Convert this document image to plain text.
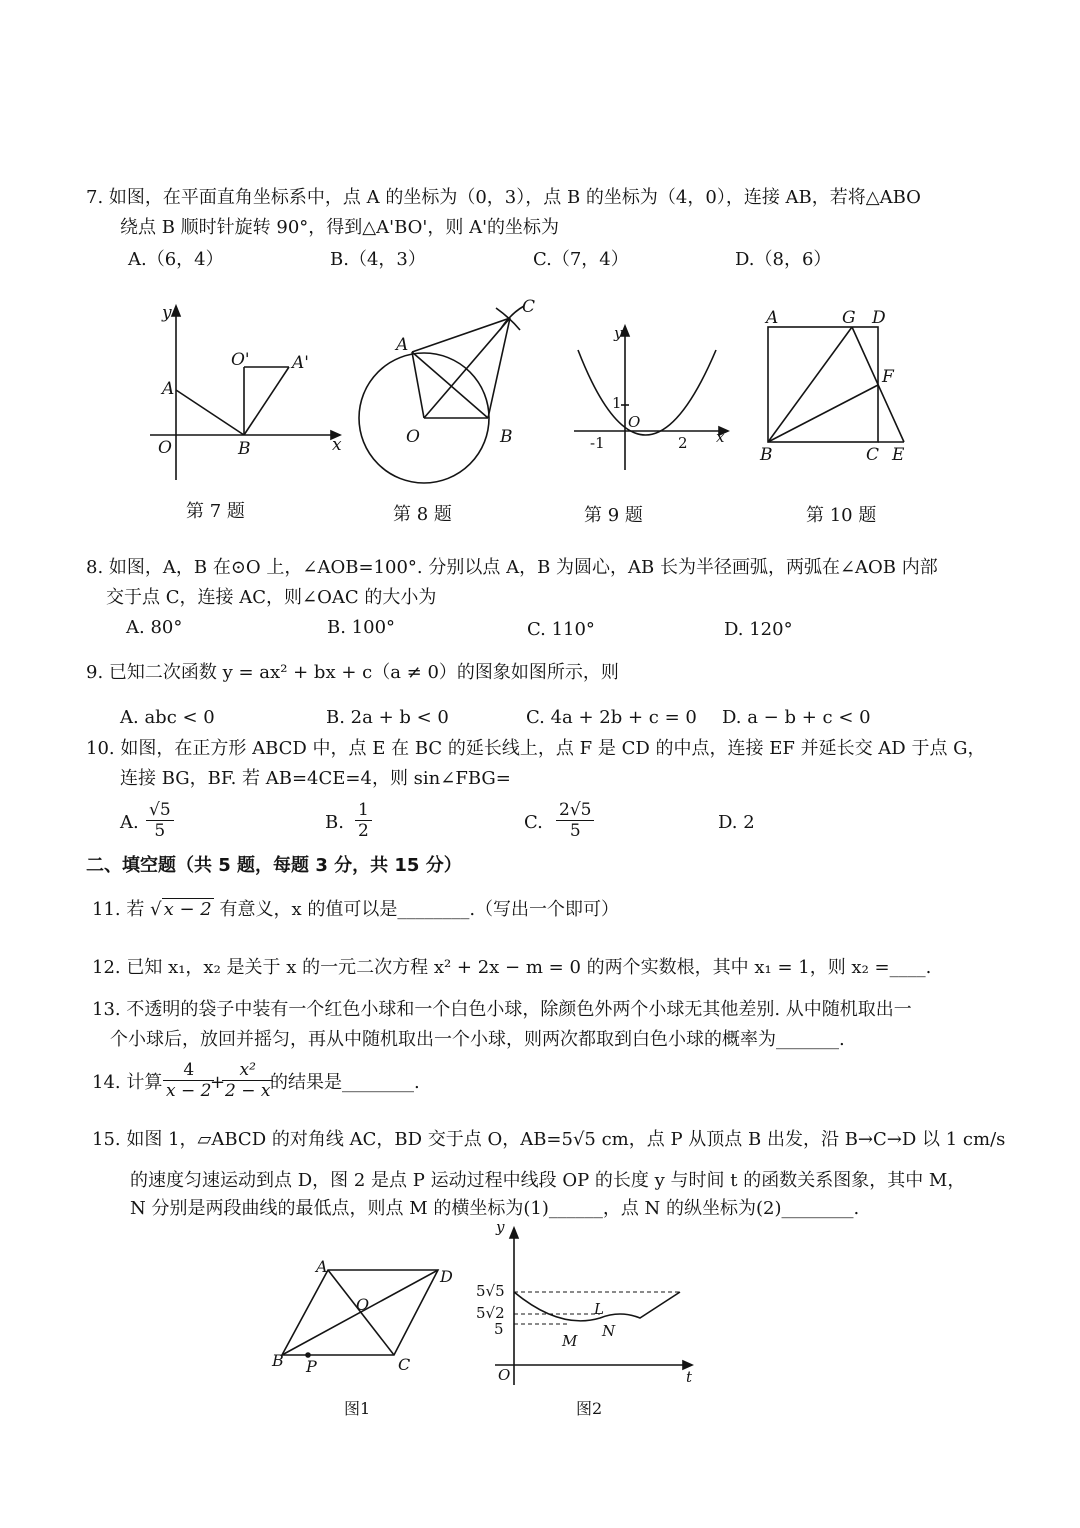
7. 如图，在平面直角坐标系中，点 A 的坐标为（0，3），点 B 的坐标为（4，0），连接 AB，若将△ABO
绕点 B 顺时针旋转 90°，得到△A'BO'，则 A'的坐标为
A.（6，4）	B.（4，3）	C.（7，4）	D.（8，6）
y
x
O
A
B
O' A'
A
C
O	B
y
x
O
1
-1	2
A	G D
F
B	C E
第 7 题	第 8 题	第 9 题	第 10 题
8. 如图，A，B 在⊙O 上，∠AOB=100°. 分别以点 A，B 为圆心，AB 长为半径画弧，两弧在∠AOB 内部
交于点 C，连接 AC，则∠OAC 的大小为
A. 80°	B. 100°	C. 110°	D. 120°
9. 已知二次函数 y = ax² + bx + c（a ≠ 0）的图象如图所示，则
A. abc < 0	B. 2a + b < 0	C. 4a + 2b + c = 0 D. a − b + c < 0
10. 如图，在正方形 ABCD 中，点 E 在 BC 的延长线上，点 F 是 CD 的中点，连接 EF 并延长交 AD 于点 G，
连接 BG，BF. 若 AB=4CE=4，则 sin∠FBG=
A. $\frac{√5}{5}$	B. $\frac{1}{2}$	C. $\frac{2√5}{5}$	D. 2
二、填空题（共 5 题，每题 3 分，共 15 分）
11. 若 √ x − 2 有意义，x 的值可以是________.（写出一个即可）
12. 已知 x₁，x₂ 是关于 x 的一元二次方程 x² + 2x − m = 0 的两个实数根，其中 x₁ = 1，则 x₂ =____.
13. 不透明的袋子中装有一个红色小球和一个白色小球，除颜色外两个小球无其他差别. 从中随机取出一
个小球后，放回并摇匀，再从中随机取出一个小球，则两次都取到白色小球的概率为_______.
14. 计算 $\frac{4}{x - 2}$
+
$\frac{\text{x²}}{2 - x}$
的结果是________.
15. 如图 1，▱ABCD 的对角线 AC，BD 交于点 O，AB=5√5 cm，点 P 从顶点 B 出发，沿 B→C→D 以 1 cm/s
的速度匀速运动到点 D，图 2 是点 P 运动过程中线段 OP 的长度 y 与时间 t 的函数关系图象，其中 M，
N 分别是两段曲线的最低点，则点 M 的横坐标为(1)______，点 N 的纵坐标为(2)________.
A
D
O
B P	C
y
t
O
5√5
5√2
5
M
N
L
图1	图2
